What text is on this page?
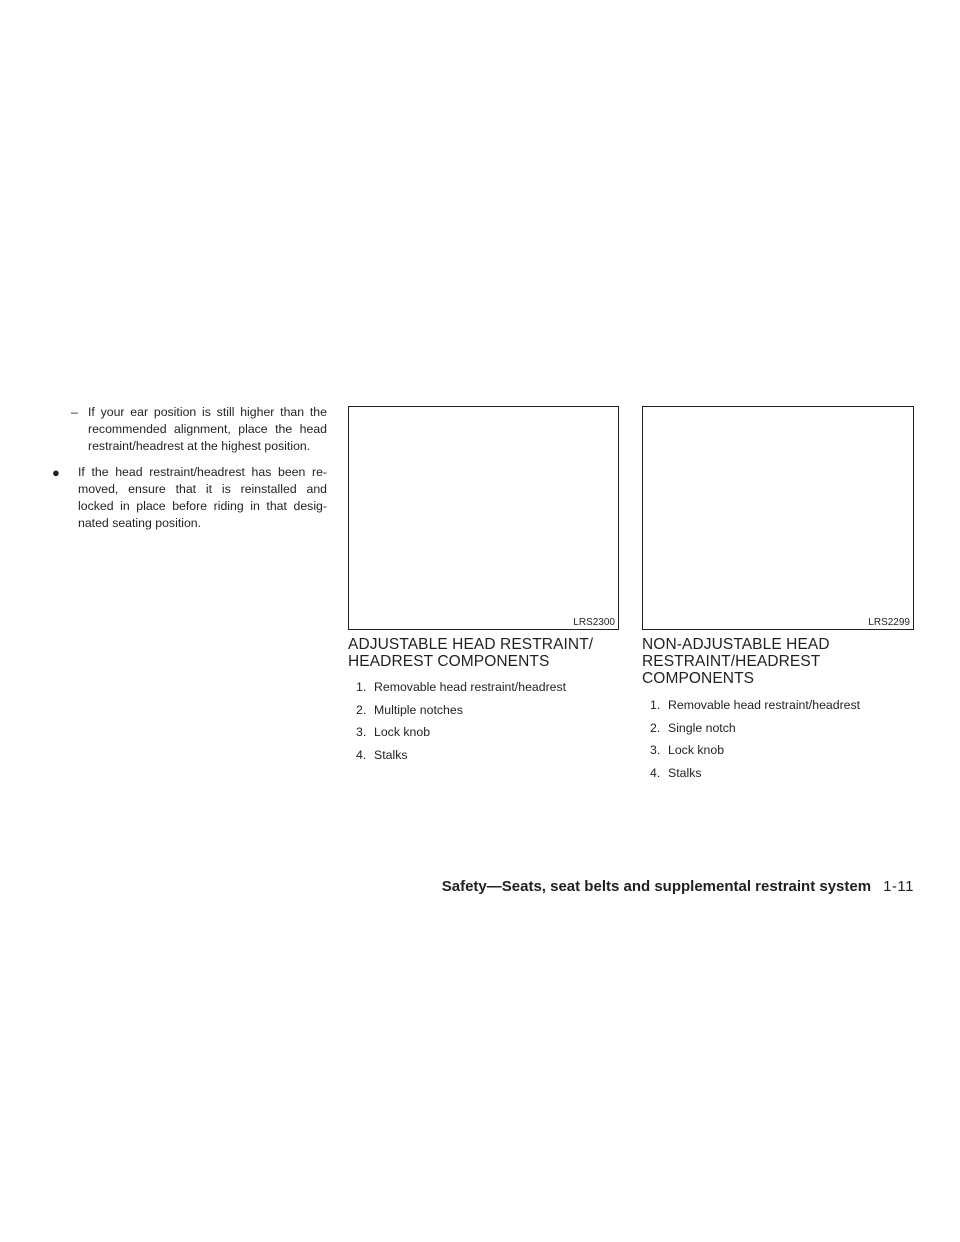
– If your ear position is still higher than the recommended alignment, place the head restraint/headrest at the highest position.

● If the head restraint/headrest has been re-moved, ensure that it is reinstalled and locked in place before riding in that desig-nated seating position.

LRS2300	LRS2299
ADJUSTABLE HEAD RESTRAINT/
HEADREST COMPONENTS
1. Removable head restraint/headrest
2. Multiple notches
3. Lock knob
4. Stalks
NON-ADJUSTABLE HEAD
RESTRAINT/HEADREST
COMPONENTS
1. Removable head restraint/headrest
2. Single notch
3. Lock knob
4. Stalks
Safety—Seats, seat belts and supplemental restraint system 1-11
